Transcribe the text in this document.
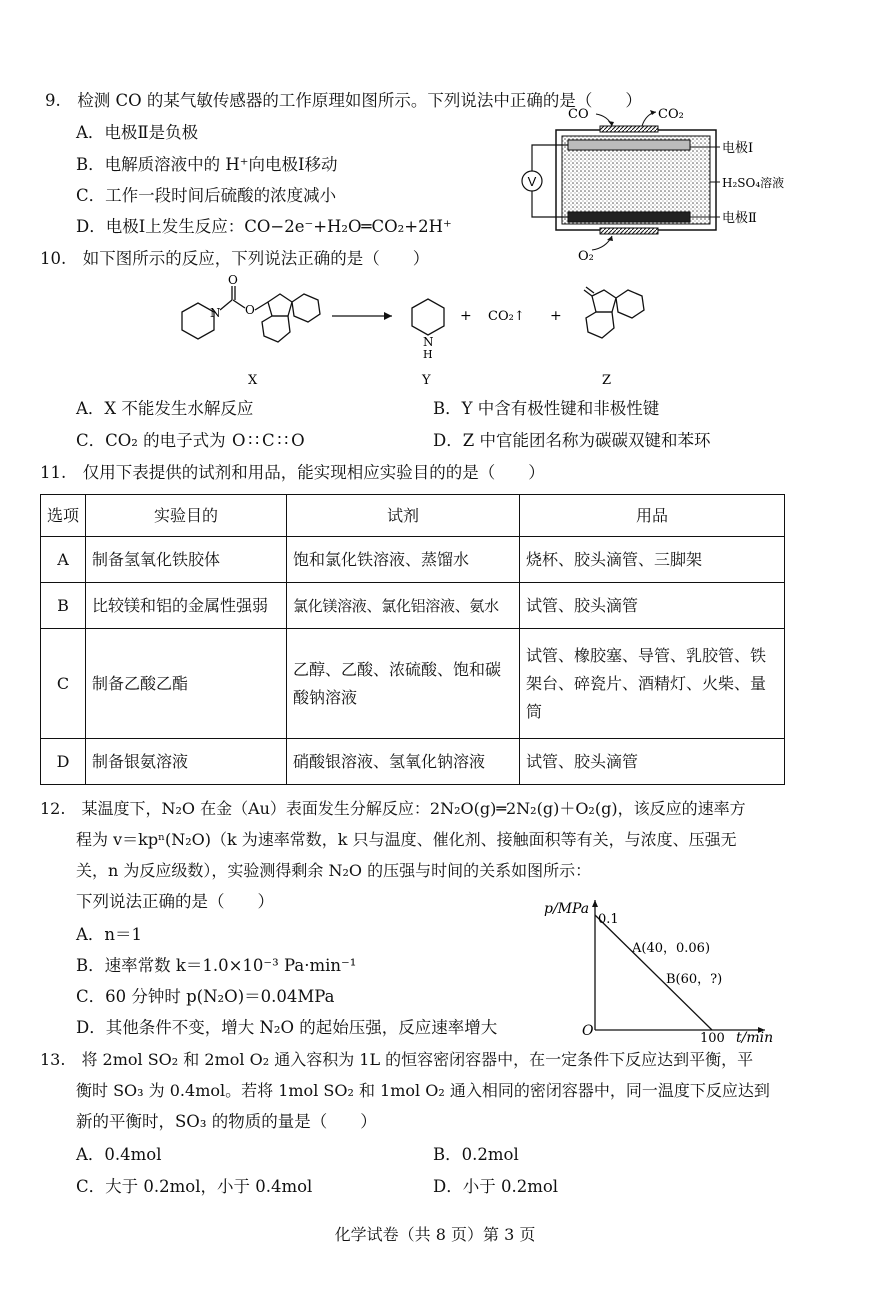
9. 检测 CO 的某气敏传感器的工作原理如图所示。下列说法中正确的是（  ）
A．电极Ⅱ是负极
B．电解质溶液中的 H⁺向电极Ⅰ移动
C．工作一段时间后硫酸的浓度减小
D．电极Ⅰ上发生反应：CO−2e⁻+H₂O═CO₂+2H⁺
V
电极Ⅰ
H₂SO₄溶液
电极Ⅱ
CO	CO₂
O₂
10. 如下图所示的反应，下列说法正确的是（  ）
N
O
O
X
N
H
Y
+ CO₂↑ +
Z
A．X 不能发生水解反应	B．Y 中含有极性键和非极性键
C．CO₂ 的电子式为 O∷C∷O	D．Z 中官能团名称为碳碳双键和苯环
11. 仅用下表提供的试剂和用品，能实现相应实验目的的是（  ）
选项	实验目的	试剂	用品
A	制备氢氧化铁胶体	饱和氯化铁溶液、蒸馏水	烧杯、胶头滴管、三脚架
B	比较镁和铝的金属性强弱	氯化镁溶液、氯化铝溶液、氨水	试管、胶头滴管
C	制备乙酸乙酯	乙醇、乙酸、浓硫酸、饱和碳酸钠溶液	试管、橡胶塞、导管、乳胶管、铁架台、碎瓷片、酒精灯、火柴、量筒
D	制备银氨溶液	硝酸银溶液、氢氧化钠溶液	试管、胶头滴管
12. 某温度下，N₂O 在金（Au）表面发生分解反应：2N₂O(g)═2N₂(g)＋O₂(g)，该反应的速率方
程为 v＝kpⁿ(N₂O)（k 为速率常数，k 只与温度、催化剂、接触面积等有关，与浓度、压强无
关，n 为反应级数），实验测得剩余 N₂O 的压强与时间的关系如图所示：
下列说法正确的是（  ）
A．n＝1
B．速率常数 k＝1.0×10⁻³ Pa·min⁻¹
C．60 分钟时 p(N₂O)＝0.04MPa
D．其他条件不变，增大 N₂O 的起始压强，反应速率增大
p/MPa
0.1
A(40，0.06)
B(60，?)
O	100 t/min
13. 将 2mol SO₂ 和 2mol O₂ 通入容积为 1L 的恒容密闭容器中，在一定条件下反应达到平衡，平
衡时 SO₃ 为 0.4mol。若将 1mol SO₂ 和 1mol O₂ 通入相同的密闭容器中，同一温度下反应达到
新的平衡时，SO₃ 的物质的量是（  ）
A．0.4mol	B．0.2mol
C．大于 0.2mol，小于 0.4mol	D．小于 0.2mol
化学试卷（共 8 页）第 3 页
